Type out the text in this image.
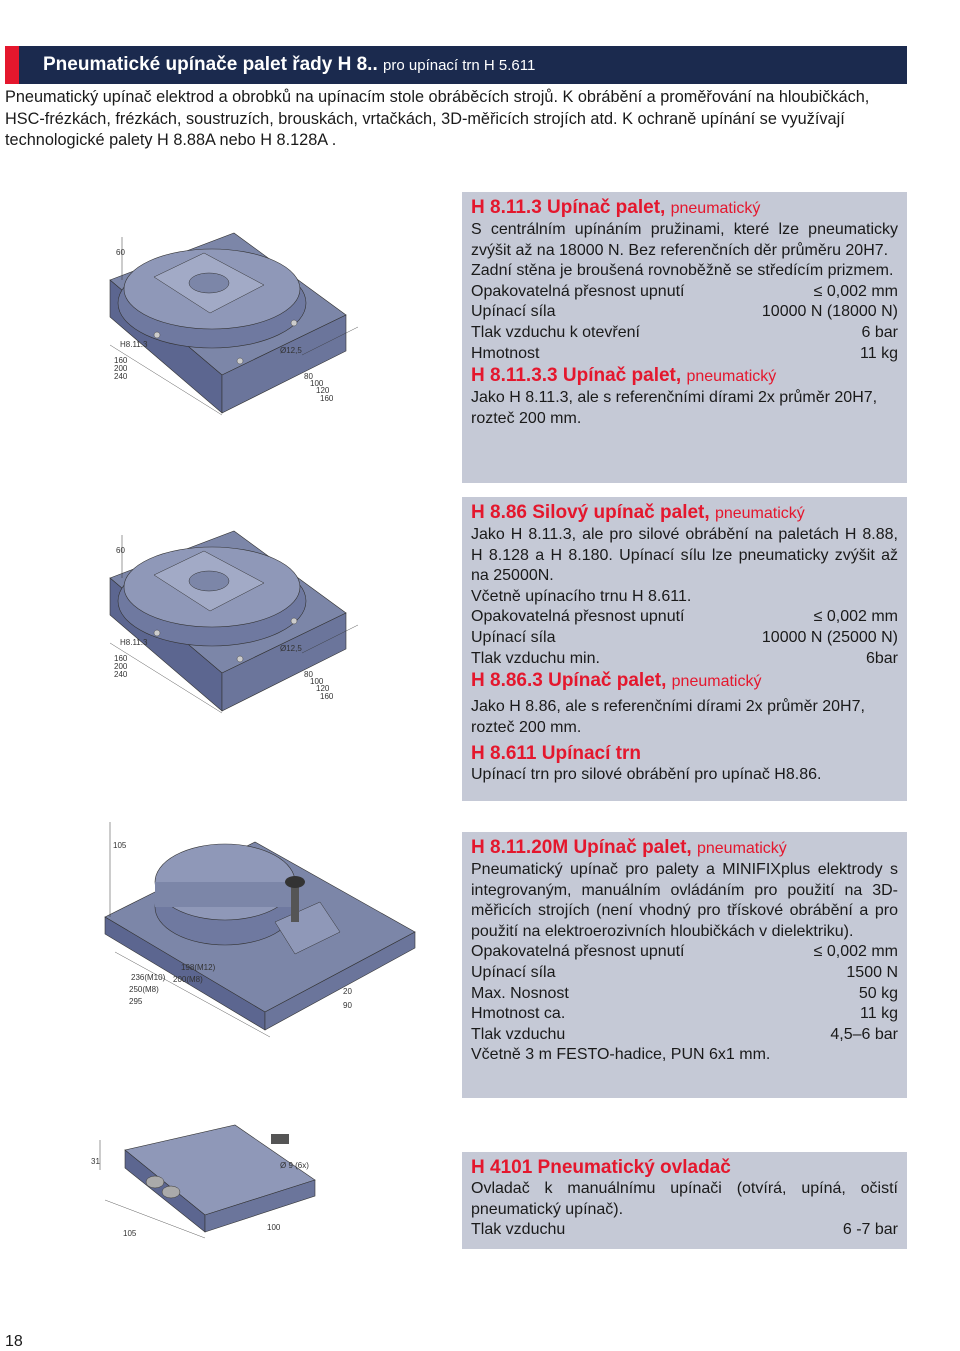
Pneumatické upínače palet řady H 8.. pro upínací trn H 5.611
Pneumatický upínač elektrod a obrobků na upínacím stole obráběcích strojů. K obrábění a proměřování na hloubičkách, HSC-frézkách, frézkách, soustruzích, brouskách, vrtačkách, 3D-měřicích strojích atd. K ochraně upínání se využívají technologické palety H 8.88A nebo H 8.128A .
60
160
200
240
H8.11.3
Ø12,5
80
100
120
160
H 8.11.3 Upínač palet, pneumatický

S centrálním upínáním pružinami, které lze pneumaticky zvýšit až na 18000 N. Bez referenčních děr průměru 20H7.

Zadní stěna je broušená rovnoběžně se středícím prizmem.

Opakovatelná přesnost upnutí	≤ 0,002 mm
Upínací síla	10000 N (18000 N)
Tlak vzduchu k otevření	6 bar
Hmotnost	11 kg
H 8.11.3.3 Upínač palet, pneumatický

Jako H 8.11.3, ale s referenčními dírami 2x průměr 20H7, rozteč 200 mm.

60
160
200
240
H8.11.3
Ø12,5
80
100
120
160
H 8.86 Silový upínač palet, pneumatický

Jako H 8.11.3, ale pro silové obrábění na paletách H 8.88, H 8.128 a H 8.180. Upínací sílu lze pneumaticky zvýšit až na 25000N.

Včetně upínacího trnu H 8.611.

Opakovatelná přesnost upnutí	≤ 0,002 mm
Upínací síla	10000 N (25000 N)
Tlak vzduchu min.	6bar
H 8.86.3 Upínač palet, pneumatický

Jako H 8.86, ale s referenčními dírami 2x průměr 20H7, rozteč 200 mm.

H 8.611 Upínací trn

Upínací trn pro silové obrábění pro upínač H8.86.

105
236(M10)
250(M8)
295
198(M12)
200(M8)
20
90
H 8.11.20M Upínač palet, pneumatický

Pneumatický upínač pro palety a MINIFIXplus elektrody s integrovaným, manuálním ovládáním pro použití na 3D-měřicích strojích (není vhodný pro třískové obrábění a pro použití na elektroerozivních hloubičkách v dielektriku).

Opakovatelná přesnost upnutí	≤ 0,002 mm
Upínací síla	1500 N
Max. Nosnost	50 kg
Hmotnost ca.	11 kg
Tlak vzduchu	4,5–6 bar

Včetně 3 m FESTO-hadice, PUN 6x1 mm.

31	Ø 9 (6x)
105
100
H 4101 Pneumatický ovladač

Ovladač k manuálnímu upínači (otvírá, upíná, očistí pneumatický upínač).

Tlak vzduchu	6 -7 bar
18
